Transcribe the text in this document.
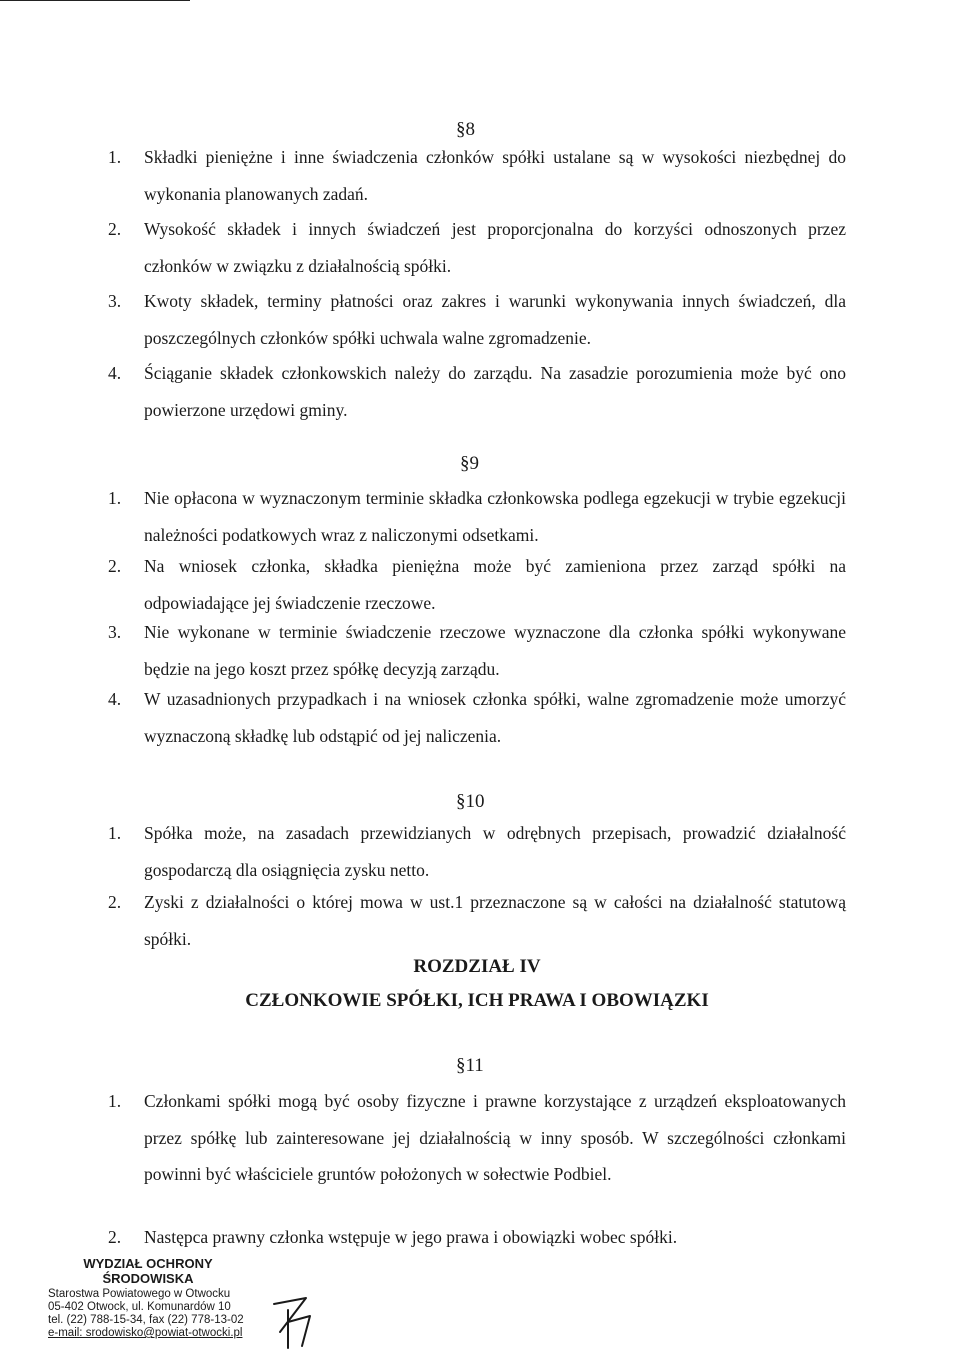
§8
1. Składki pieniężne i inne świadczenia członków spółki ustalane są w wysokości niezbędnej do wykonania planowanych zadań.
2. Wysokość składek i innych świadczeń jest proporcjonalna do korzyści odnoszonych przez członków w związku z działalnością spółki.
3. Kwoty składek, terminy płatności oraz zakres i warunki wykonywania innych świadczeń, dla poszczególnych członków spółki uchwala walne zgromadzenie.
4. Ściąganie składek członkowskich należy do zarządu. Na zasadzie porozumienia może być ono powierzone urzędowi gminy.
§9
1. Nie opłacona w wyznaczonym terminie składka członkowska podlega egzekucji w trybie egzekucji należności podatkowych wraz z naliczonymi odsetkami.
2. Na wniosek członka, składka pieniężna może być zamieniona przez zarząd spółki na odpowiadające jej świadczenie rzeczowe.
3. Nie wykonane w terminie świadczenie rzeczowe wyznaczone dla członka spółki wykonywane będzie na jego koszt przez spółkę decyzją zarządu.
4. W uzasadnionych przypadkach i na wniosek członka spółki, walne zgromadzenie może umorzyć wyznaczoną składkę lub odstąpić od jej naliczenia.
§10
1. Spółka może, na zasadach przewidzianych w odrębnych przepisach, prowadzić działalność gospodarczą dla osiągnięcia zysku netto.
2. Zyski z działalności o której mowa w ust.1 przeznaczone są w całości na działalność statutową spółki.
ROZDZIAŁ IV
CZŁONKOWIE SPÓŁKI, ICH PRAWA I OBOWIĄZKI
§11
1. Członkami spółki mogą być osoby fizyczne i prawne korzystające z urządzeń eksploatowanych przez spółkę lub zainteresowane jej działalnością w inny sposób. W szczególności członkami powinni być właściciele gruntów położonych w sołectwie Podbiel.
2. Następca prawny członka wstępuje w jego prawa i obowiązki wobec spółki.
WYDZIAŁ OCHRONY
ŚRODOWISKA
Starostwa Powiatowego w Otwocku
05-402 Otwock, ul. Komunardów 10
tel. (22) 788-15-34, fax (22) 778-13-02
e-mail: srodowisko@powiat-otwocki.pl
